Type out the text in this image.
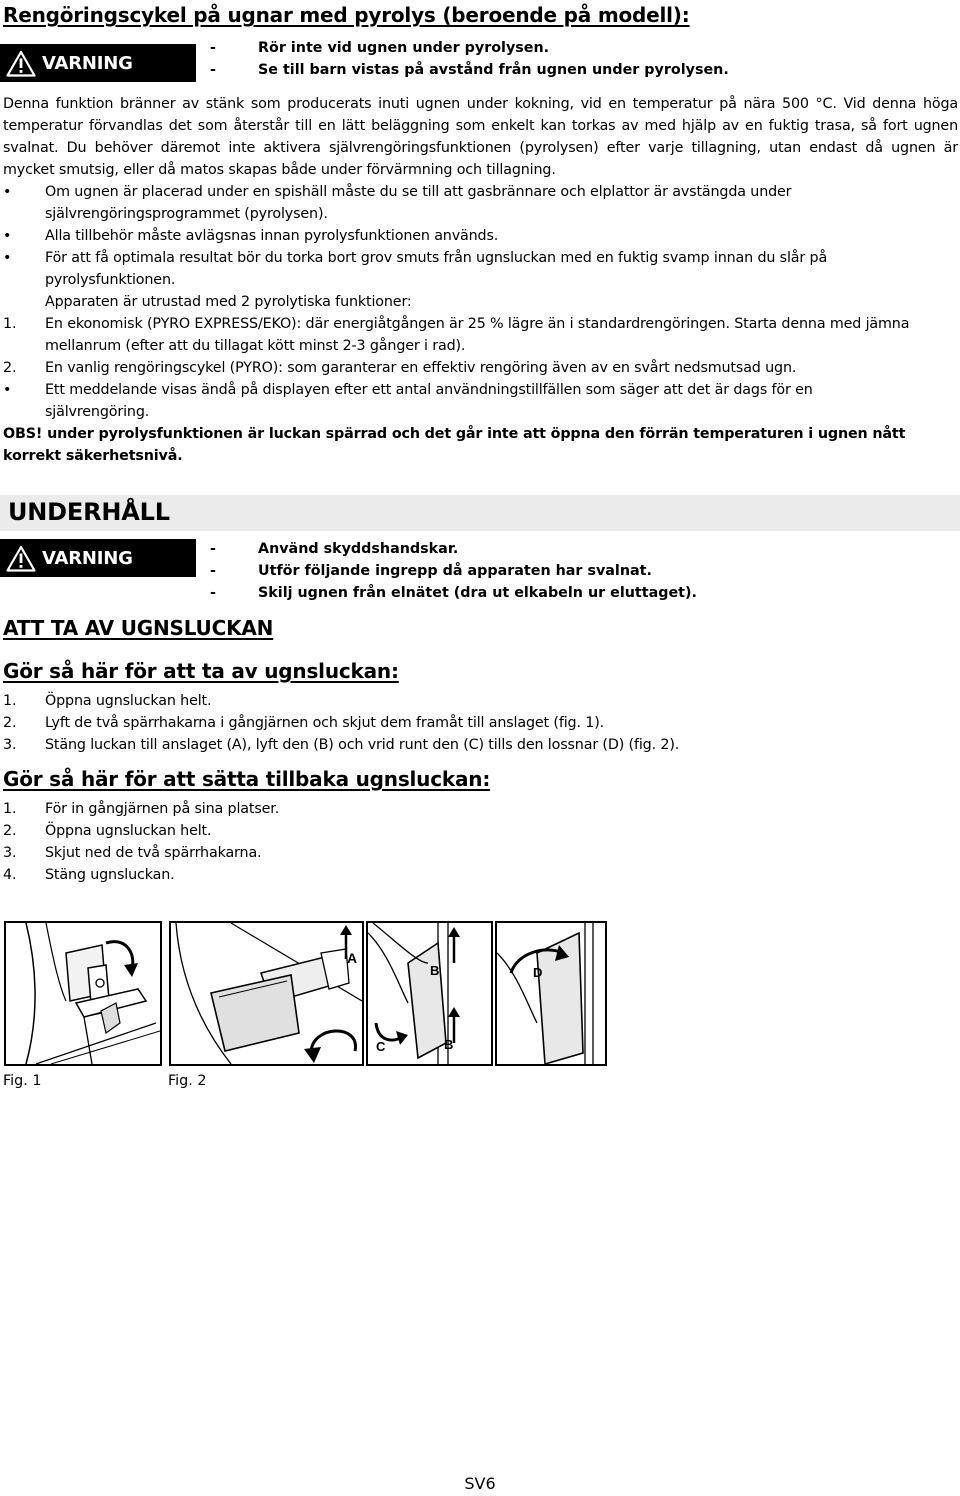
Rengöringscykel på ugnar med pyrolys (beroende på modell):
VARNING
-	Rör inte vid ugnen under pyrolysen.
-	Se till barn vistas på avstånd från ugnen under pyrolysen.
Denna funktion bränner av stänk som producerats inuti ugnen under kokning, vid en temperatur på nära 500 °C. Vid denna höga
temperatur förvandlas det som återstår till en lätt beläggning som enkelt kan torkas av med hjälp av en fuktig trasa, så fort ugnen
svalnat. Du behöver däremot inte aktivera självrengöringsfunktionen (pyrolysen) efter varje tillagning, utan endast då ugnen är
mycket smutsig, eller då matos skapas både under förvärmning och tillagning.
• Om ugnen är placerad under en spishäll måste du se till att gasbrännare och elplattor är avstängda under
självrengöringsprogrammet (pyrolysen).
• Alla tillbehör måste avlägsnas innan pyrolysfunktionen används.
• För att få optimala resultat bör du torka bort grov smuts från ugnsluckan med en fuktig svamp innan du slår på
pyrolysfunktionen.
Apparaten är utrustad med 2 pyrolytiska funktioner:
1. En ekonomisk (PYRO EXPRESS/EKO): där energiåtgången är 25 % lägre än i standardrengöringen. Starta denna med jämna
mellanrum (efter att du tillagat kött minst 2-3 gånger i rad).
2. En vanlig rengöringscykel (PYRO): som garanterar en effektiv rengöring även av en svårt nedsmutsad ugn.
• Ett meddelande visas ändå på displayen efter ett antal användningstillfällen som säger att det är dags för en
självrengöring.
OBS! under pyrolysfunktionen är luckan spärrad och det går inte att öppna den förrän temperaturen i ugnen nått
korrekt säkerhetsnivå.
UNDERHÅLL
VARNING	-	Använd skyddshandskar.
-	Utför följande ingrepp då apparaten har svalnat.
-	Skilj ugnen från elnätet (dra ut elkabeln ur eluttaget).
ATT TA AV UGNSLUCKAN
Gör så här för att ta av ugnsluckan:
1. Öppna ugnsluckan helt.
2. Lyft de två spärrhakarna i gångjärnen och skjut dem framåt till anslaget (fig. 1).
3. Stäng luckan till anslaget (A), lyft den (B) och vrid runt den (C) tills den lossnar (D) (fig. 2).
Gör så här för att sätta tillbaka ugnsluckan:
1. För in gångjärnen på sina platser.
2. Öppna ugnsluckan helt.
3. Skjut ned de två spärrhakarna.
4. Stäng ugnsluckan.
A
B
B
C
D
Fig. 1	Fig. 2
SV6
